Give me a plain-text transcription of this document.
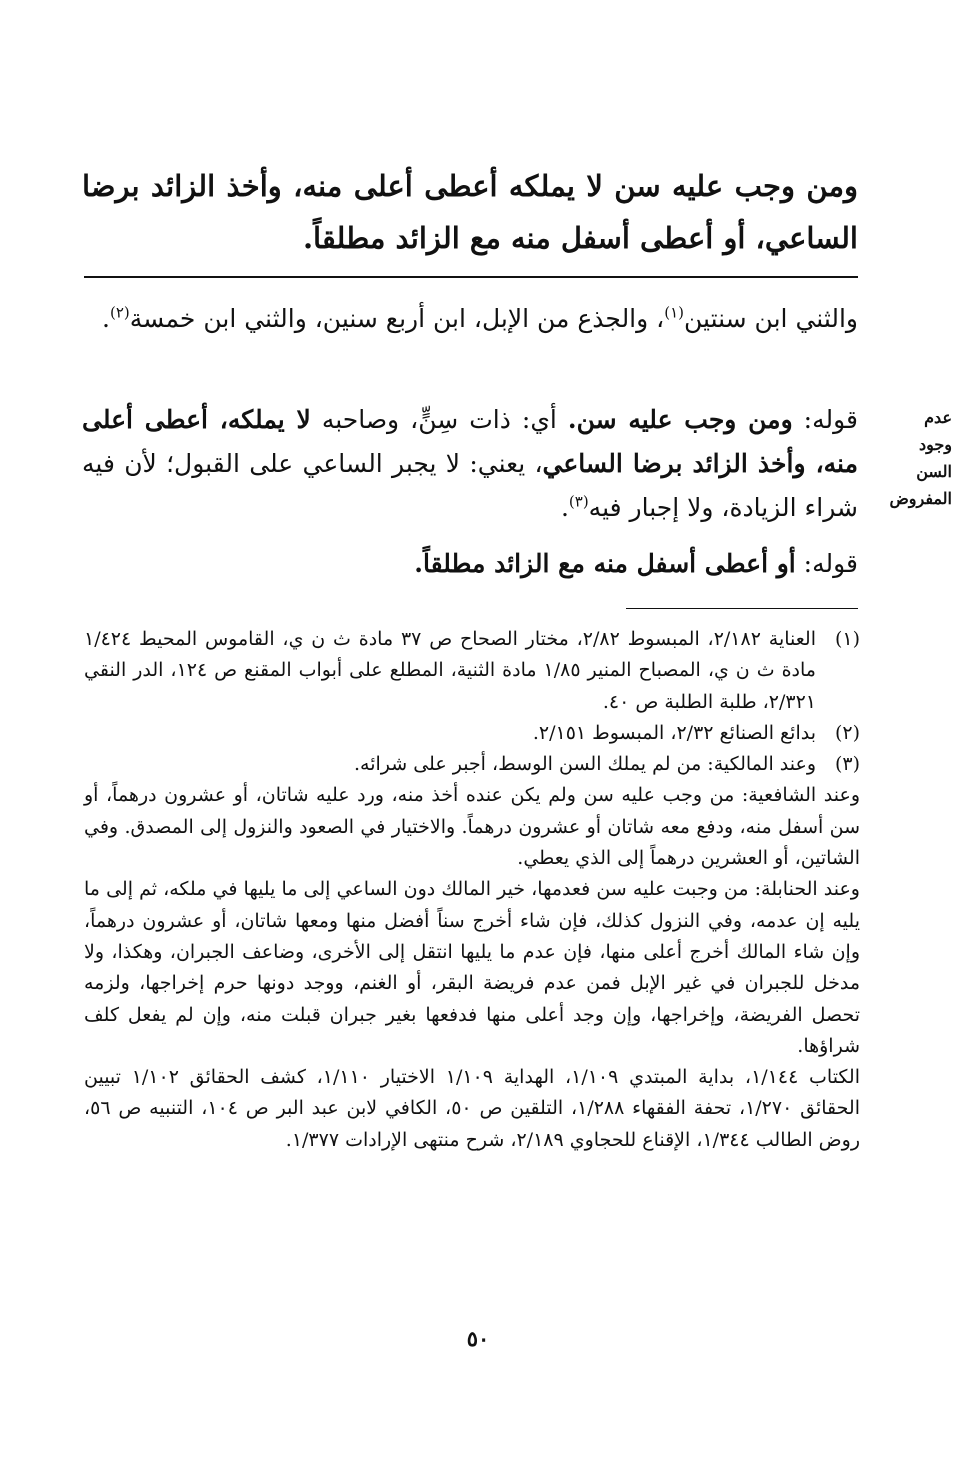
ومن وجب عليه سن لا يملكه أعطى أعلى منه، وأخذ الزائد برضا الساعي، أو أعطى أسفل منه مع الزائد مطلقاً.
والثني ابن سنتين$^{(١)}$، والجذع من الإبل، ابن أربع سنين، والثني ابن خمسة$^{(٢)}$.
قوله: ومن وجب عليه سن. أي: ذات سِنٍّ، وصاحبه لا يملكه، أعطى أعلى منه، وأخذ الزائد برضا الساعي، يعني: لا يجبر الساعي على القبول؛ لأن فيه شراء الزيادة، ولا إجبار فيه$^{(٣)}$.
قوله: أو أعطى أسفل منه مع الزائد مطلقاً.
عدم
وجود
السن
المفروض
(١)
العناية ٢/١٨٢، المبسوط ٢/٨٢، مختار الصحاح ص ٣٧ مادة ث ن ي، القاموس المحيط ١/٤٢٤ مادة ث ن ي، المصباح المنير ١/٨٥ مادة الثنية، المطلع على أبواب المقنع ص ١٢٤، الدر النقي ٢/٣٢١، طلبة الطلبة ص ٤٠.
(٢)
بدائع الصنائع ٢/٣٢، المبسوط ٢/١٥١.
(٣)
وعند المالكية: من لم يملك السن الوسط، أجبر على شرائه.
وعند الشافعية: من وجب عليه سن ولم يكن عنده أخذ منه، ورد عليه شاتان، أو عشرون درهماً، أو سن أسفل منه، ودفع معه شاتان أو عشرون درهماً. والاختيار في الصعود والنزول إلى المصدق. وفي الشاتين، أو العشرين درهماً إلى الذي يعطي.
وعند الحنابلة: من وجبت عليه سن فعدمها، خير المالك دون الساعي إلى ما يليها في ملكه، ثم إلى ما يليه إن عدمه، وفي النزول كذلك، فإن شاء أخرج سناً أفضل منها ومعها شاتان، أو عشرون درهماً، وإن شاء المالك أخرج أعلى منها، فإن عدم ما يليها انتقل إلى الأخرى، وضاعف الجبران، وهكذا، ولا مدخل للجبران في غير الإبل فمن عدم فريضة البقر، أو الغنم، ووجد دونها حرم إخراجها، ولزمه تحصل الفريضة، وإخراجها، وإن وجد أعلى منها فدفعها بغير جبران قبلت منه، وإن لم يفعل كلف شراؤها.
الكتاب ١/١٤٤، بداية المبتدي ١/١٠٩، الهداية ١/١٠٩ الاختيار ١/١١٠، كشف الحقائق ١/١٠٢ تبيين الحقائق ١/٢٧٠، تحفة الفقهاء ١/٢٨٨، التلقين ص ٥٠، الكافي لابن عبد البر ص ١٠٤، التنبيه ص ٥٦، روض الطالب ١/٣٤٤، الإقناع للحجاوي ٢/١٨٩، شرح منتهى الإرادات ١/٣٧٧.
٥٠
